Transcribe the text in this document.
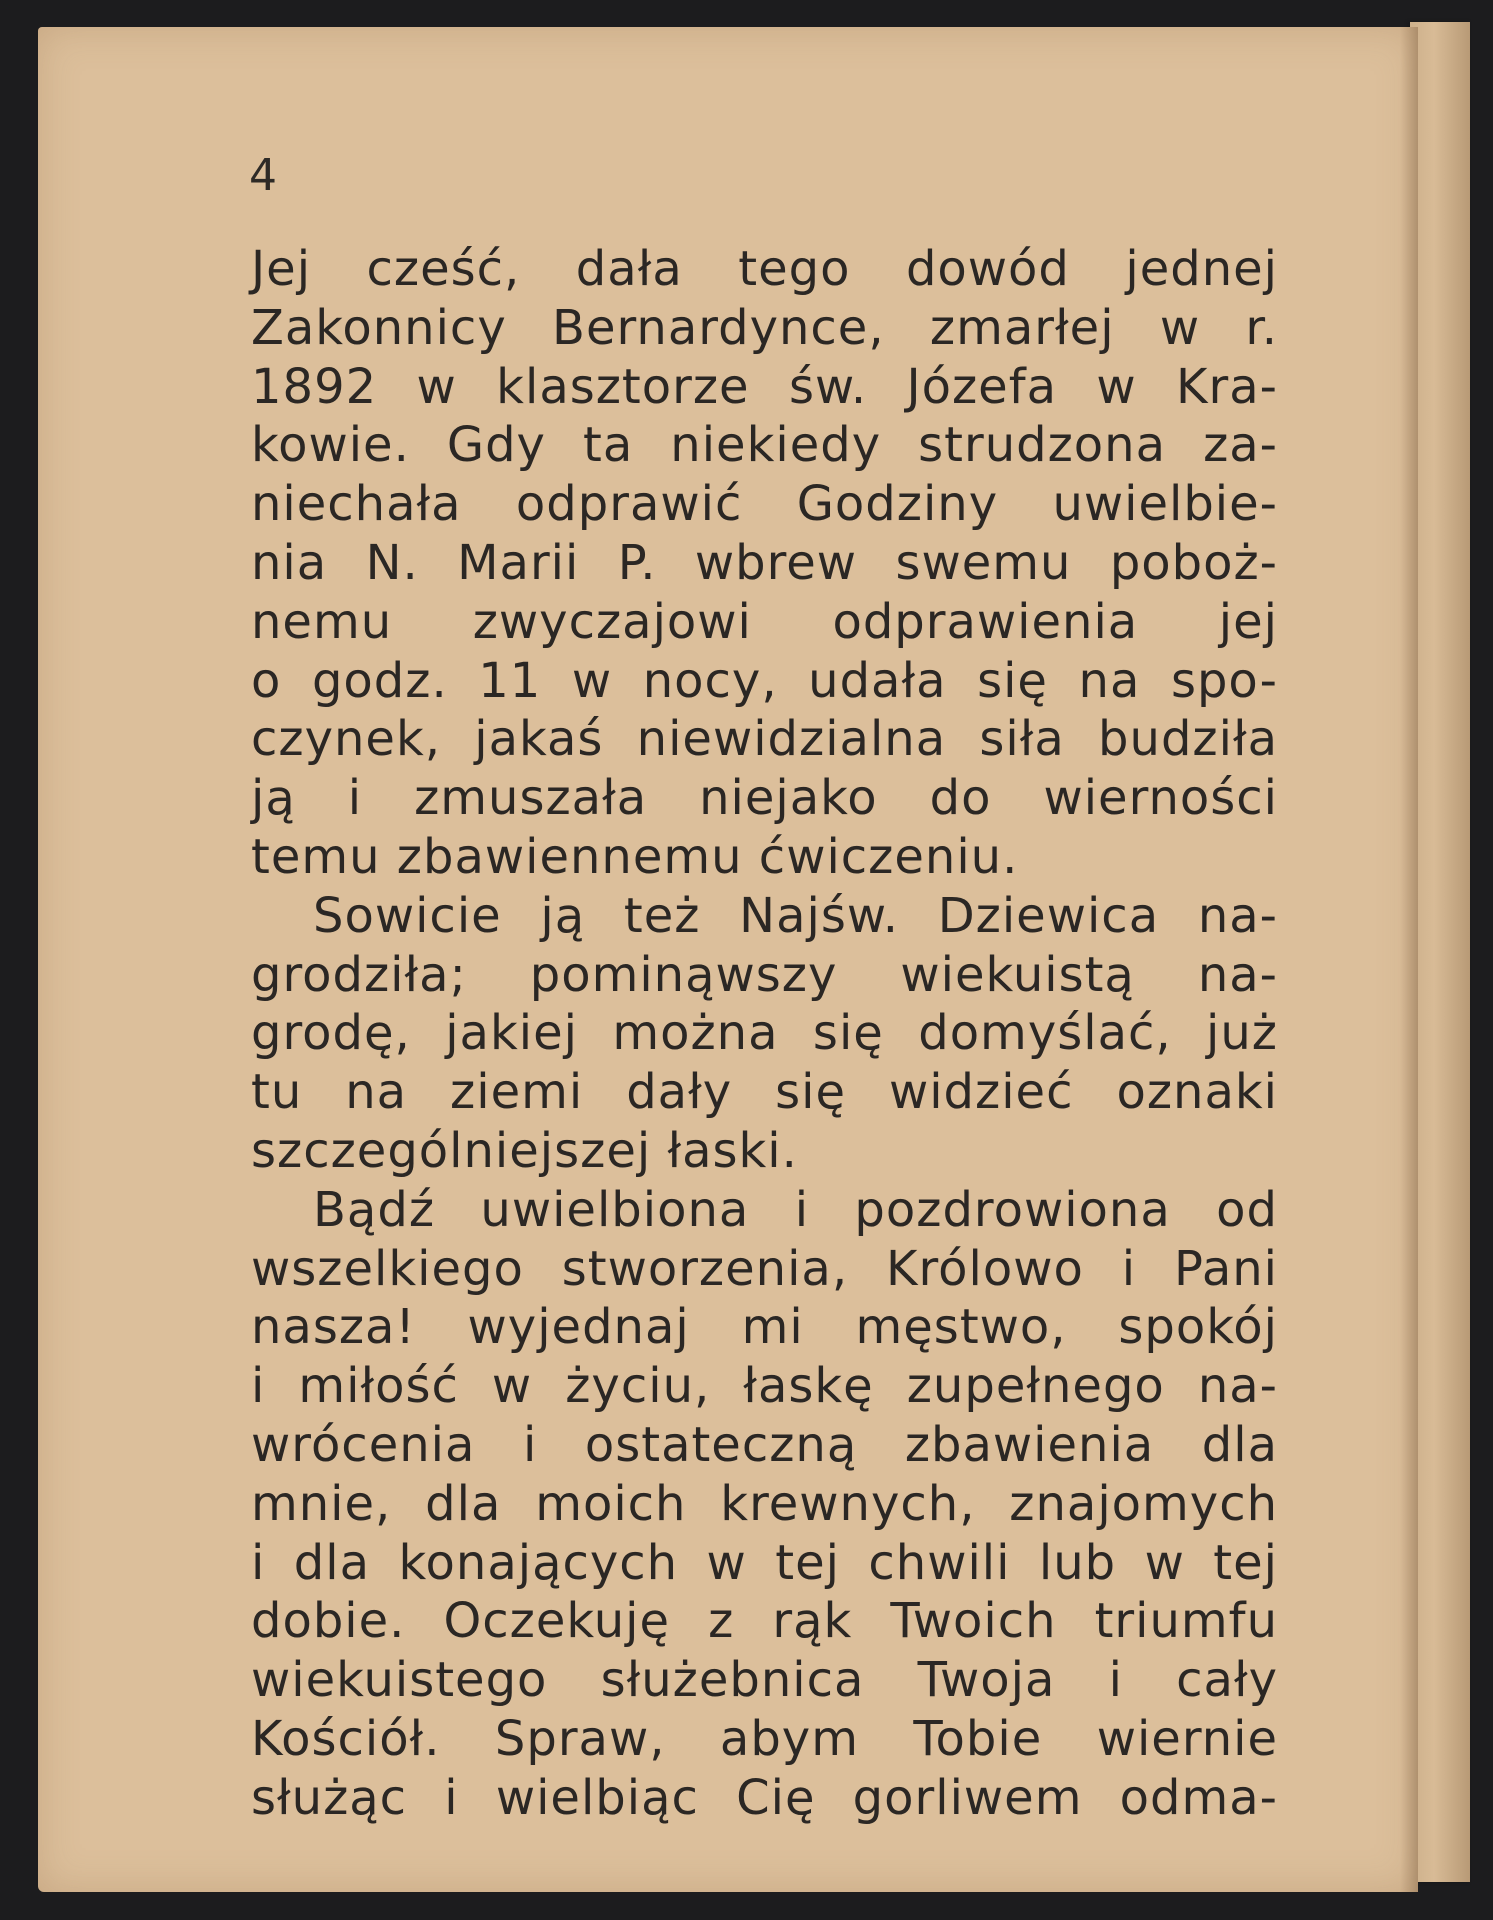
4
Jej cześć, dała tego dowód jednej
Zakonnicy Bernardynce, zmarłej w r.
1892 w klasztorze św. Józefa w Kra-
kowie. Gdy ta niekiedy strudzona za-
niechała odprawić Godziny uwielbie-
nia N. Marii P. wbrew swemu poboż-
nemu zwyczajowi odprawienia jej
o godz. 11 w nocy, udała się na spo-
czynek, jakaś niewidzialna siła budziła
ją i zmuszała niejako do wierności
temu zbawiennemu ćwiczeniu.
Sowicie ją też Najśw. Dziewica na-
grodziła; pominąwszy wiekuistą na-
grodę, jakiej można się domyślać, już
tu na ziemi dały się widzieć oznaki
szczególniejszej łaski.
Bądź uwielbiona i pozdrowiona od
wszelkiego stworzenia, Królowo i Pani
nasza! wyjednaj mi męstwo, spokój
i miłość w życiu, łaskę zupełnego na-
wrócenia i ostateczną zbawienia dla
mnie, dla moich krewnych, znajomych
i dla konających w tej chwili lub w tej
dobie. Oczekuję z rąk Twoich triumfu
wiekuistego służebnica Twoja i cały
Kościół. Spraw, abym Tobie wiernie
służąc i wielbiąc Cię gorliwem odma-
